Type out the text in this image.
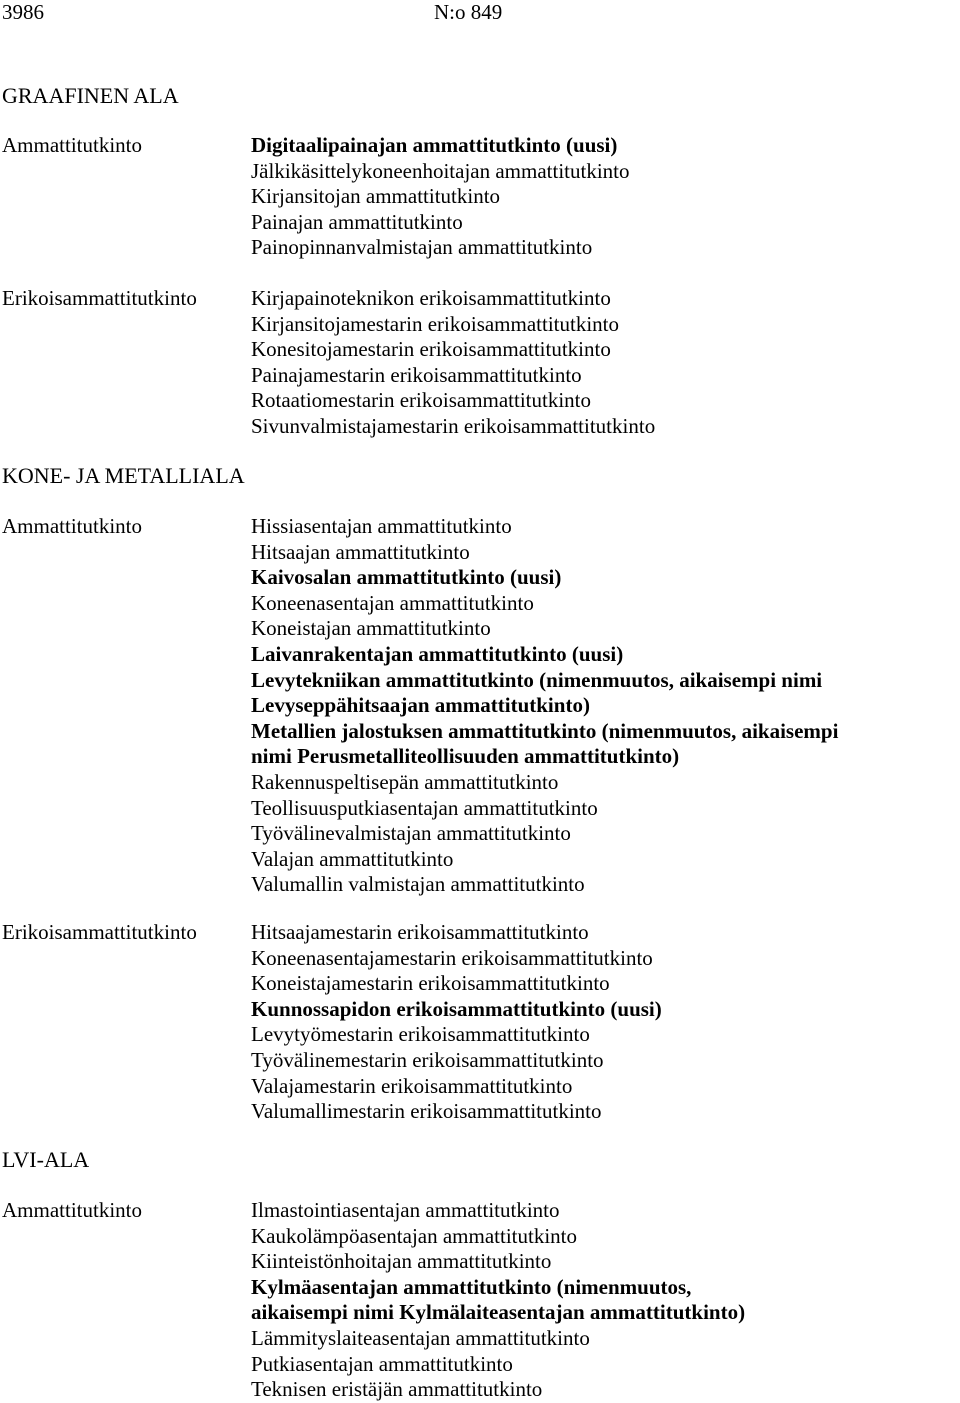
3986	N:o 849
GRAAFINEN ALA
Ammattitutkinto	Digitaalipainajan ammattitutkinto (uusi)
Jälkikäsittelykoneenhoitajan ammattitutkinto
Kirjansitojan ammattitutkinto
Painajan ammattitutkinto
Painopinnanvalmistajan ammattitutkinto
Erikoisammattitutkinto	Kirjapainoteknikon erikoisammattitutkinto
Kirjansitojamestarin erikoisammattitutkinto
Konesitojamestarin erikoisammattitutkinto
Painajamestarin erikoisammattitutkinto
Rotaatiomestarin erikoisammattitutkinto
Sivunvalmistajamestarin erikoisammattitutkinto
KONE- JA METALLIALA
Ammattitutkinto	Hissiasentajan ammattitutkinto
Hitsaajan ammattitutkinto
Kaivosalan ammattitutkinto (uusi)
Koneenasentajan ammattitutkinto
Koneistajan ammattitutkinto
Laivanrakentajan ammattitutkinto (uusi)
Levytekniikan ammattitutkinto (nimenmuutos, aikaisempi nimi
Levyseppähitsaajan ammattitutkinto)
Metallien jalostuksen ammattitutkinto (nimenmuutos, aikaisempi
nimi Perusmetalliteollisuuden ammattitutkinto)
Rakennuspeltisepän ammattitutkinto
Teollisuusputkiasentajan ammattitutkinto
Työvälinevalmistajan ammattitutkinto
Valajan ammattitutkinto
Valumallin valmistajan ammattitutkinto
Erikoisammattitutkinto	Hitsaajamestarin erikoisammattitutkinto
Koneenasentajamestarin erikoisammattitutkinto
Koneistajamestarin erikoisammattitutkinto
Kunnossapidon erikoisammattitutkinto (uusi)
Levytyömestarin erikoisammattitutkinto
Työvälinemestarin erikoisammattitutkinto
Valajamestarin erikoisammattitutkinto
Valumallimestarin erikoisammattitutkinto
LVI-ALA
Ammattitutkinto	Ilmastointiasentajan ammattitutkinto
Kaukolämpöasentajan ammattitutkinto
Kiinteistönhoitajan ammattitutkinto
Kylmäasentajan ammattitutkinto (nimenmuutos,
aikaisempi nimi Kylmälaiteasentajan ammattitutkinto)
Lämmityslaiteasentajan ammattitutkinto
Putkiasentajan ammattitutkinto
Teknisen eristäjän ammattitutkinto
